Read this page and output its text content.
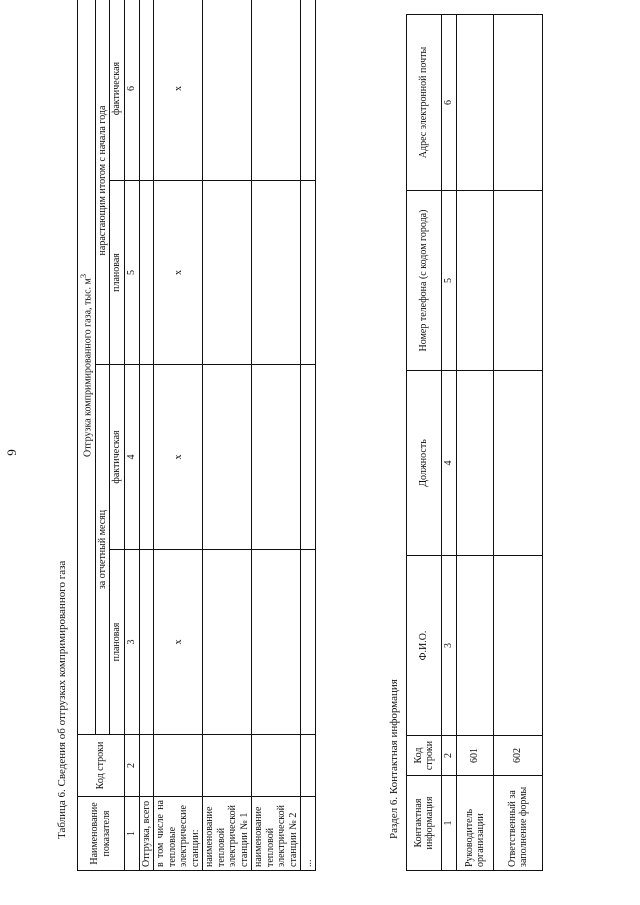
9
Таблица 6. Сведения об отгрузках компримированного газа Наименование показателя	Код строки	Отгрузка компримированного газа, тыс. $м^3$
		за отчетный месяц		нарастающим итогом с начала года	
		плановая	фактическая	плановая	фактическая
1	2	3	4	5	6
Отгрузка, всего					
в том числе на тепловые электрические станции:		x	x	x	x
наименование тепловой электрической станции № 1					
наименование тепловой электрической станции № 2					
...					
Раздел 6. Контактная информация Контактная информация	Код строки	Ф.И.О.	Должность	Номер телефона (с кодом города)	Адрес электронной почты
1	2	3	4	5	6
Руководитель организации	601				
Ответственный за заполнение формы	602				
